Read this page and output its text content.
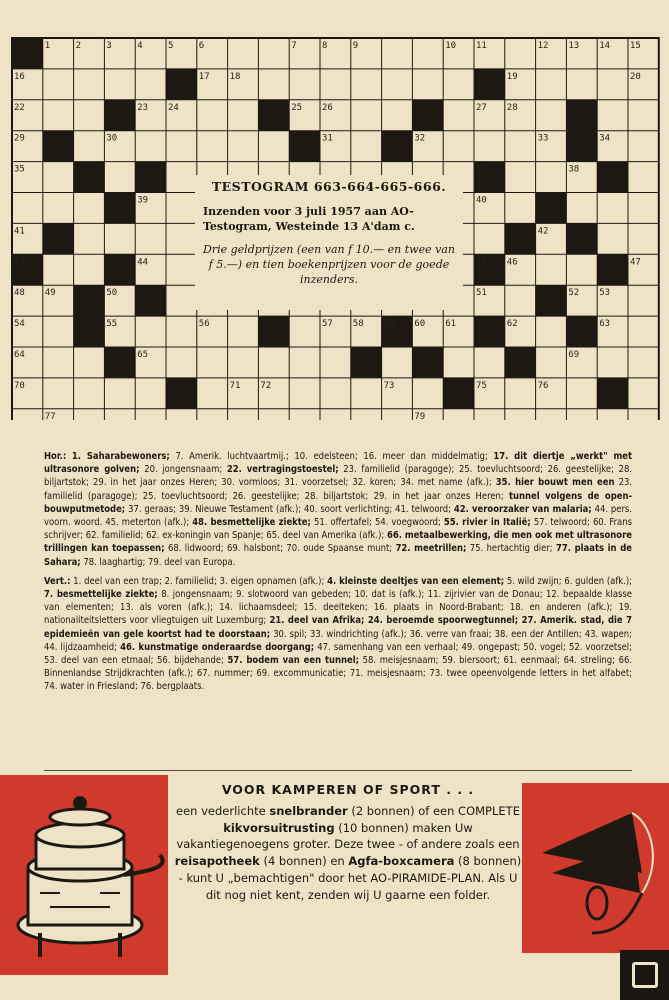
1	2	3	4	5	6	7	8	9	10 11	12 13 14 15
16	17 18	19	20
22	23 24	25 26	27 28
29	30	31	32	33	34
35	37	38
39	40
41	42
43	44	45 46	47
48 49	50	51	52 53
54	55	56	57 58 59 60 61	62	63
64	65	69
70	71 72	73	75	76
77	79

TESTOGRAM 663-664-665-666.

Inzenden voor 3 juli 1957 aan AO-Testogram, Westeinde 13 A'dam c.

Drie geldprijzen (een van f 10.— en twee van f 5.—) en tien boekenprijzen voor de goede inzenders.

Hor.: 1. Saharabewoners; 7. Amerik. luchtvaartmij.; 10. edelsteen; 16. meer dan middelmatig; 17. dit diertje „werkt" met ultrasonore golven; 20. jongensnaam; 22. vertragingstoestel; 23. familielid (paragoge); 25. toevluchtsoord; 26. geestelijke; 28. biljartstok; 29. in het jaar onzes Heren; 30. vormloos; 31. voorzetsel; 32. koren; 34. met name (afk.); 35. hier bouwt men een 23. familielid (paragoge); 25. toevluchtsoord; 26. geestelijke; 28. biljartstok; 29. in het jaar onzes Heren; tunnel volgens de open-bouwputmetode; 37. geraas; 39. Nieuwe Testament (afk.); 40. soort verlichting; 41. telwoord; 42. veroorzaker van malaria; 44. pers. voorn. woord. 45. meterton (afk.); 48. besmettelijke ziekte; 51. offertafel; 54. voegwoord; 55. rivier in Italië; 57. telwoord; 60. Frans schrijver; 62. familielid; 62. ex-koningin van Spanje; 65. deel van Amerika (afk.); 66. metaalbewerking, die men ook met ultrasonore trillingen kan toepassen; 68. lidwoord; 69. halsbont; 70. oude Spaanse munt; 72. meetrillen; 75. hertachtig dier; 77. plaats in de Sahara; 78. laaghartig; 79. deel van Europa.

Vert.: 1. deel van een trap; 2. familielid; 3. eigen opnamen (afk.); 4. kleinste deeltjes van een element; 5. wild zwijn; 6. gulden (afk.); 7. besmettelijke ziekte; 8. jongensnaam; 9. slotwoord van gebeden; 10. dat is (afk.); 11. zijrivier van de Donau; 12. bepaalde klasse van elementen; 13. als voren (afk.); 14. lichaamsdeel; 15. deelteken; 16. plaats in Noord-Brabant; 18. en anderen (afk.); 19. nationaliteitsletters voor vliegtuigen uit Luxemburg; 21. deel van Afrika; 24. beroemde spoorwegtunnel; 27. Amerik. stad, die 7 epidemieën van gele koortst had te doorstaan; 30. spil; 33. windrichting (afk.); 36. verre van fraai; 38. een der Antillen; 43. wapen; 44. lijdzaamheid; 46. kunstmatige onderaardse doorgang; 47. samenhang van een verhaal; 49. ongepast; 50. vogel; 52. voorzetsel; 53. deel van een etmaal; 56. bijdehande; 57. bodem van een tunnel; 58. meisjesnaam; 59. biersoort; 61. eenmaal; 64. streling; 66. Binnenlandse Strijdkrachten (afk.); 67. nummer; 69. excommunicatie; 71. meisjesnaam; 73. twee opeenvolgende letters in het alfabet; 74. water in Friesland; 76. bergplaats.

VOOR KAMPEREN OF SPORT . . .

een vederlichte snelbrander (2 bonnen) of een COMPLETE kikvorsuitrusting (10 bonnen) maken Uw vakantiegenoegens groter. Deze twee - of andere zoals een reisapotheek (4 bonnen) en Agfa-boxcamera (8 bonnen) - kunt U „bemachtigen" door het AO-PIRAMIDE-PLAN. Als U dit nog niet kent, zenden wij U gaarne een folder.
